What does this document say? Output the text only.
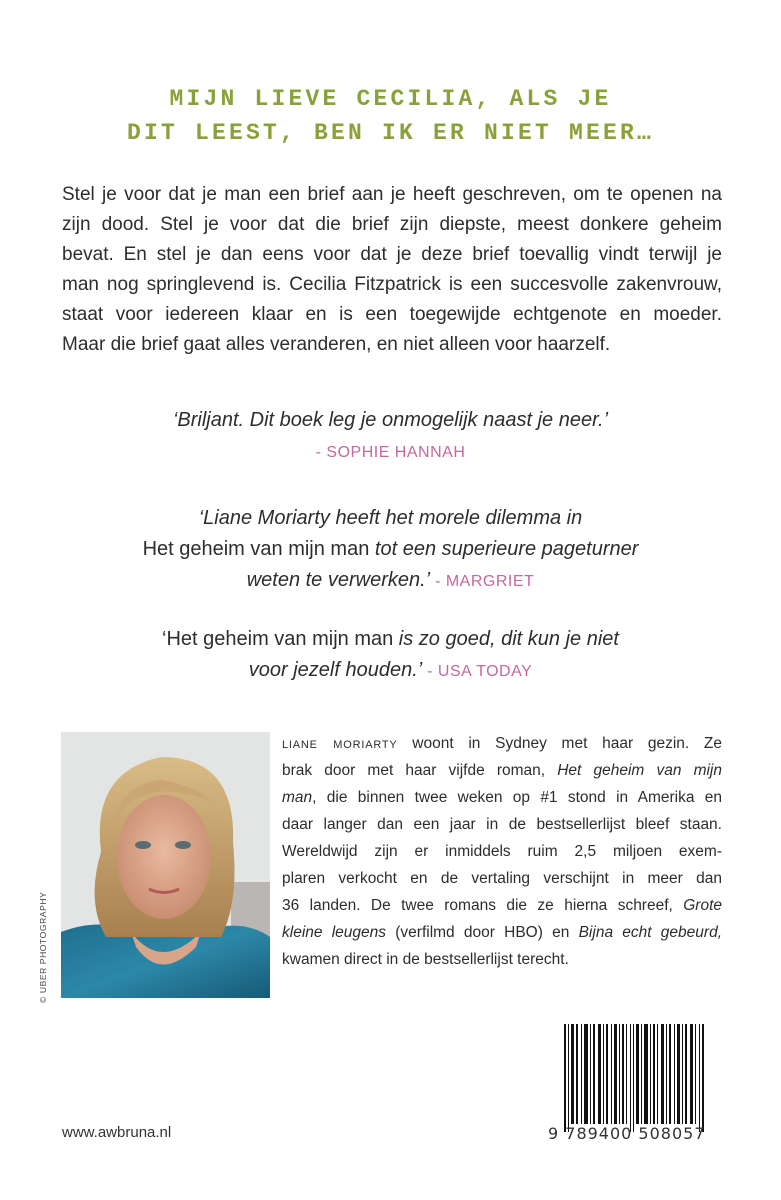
MIJN LIEVE CECILIA, ALS JE
DIT LEEST, BEN IK ER NIET MEER…
Stel je voor dat je man een brief aan je heeft geschreven, om te openen na
zijn dood. Stel je voor dat die brief zijn diepste, meest donkere geheim
bevat. En stel je dan eens voor dat je deze brief toevallig vindt terwijl je
man nog springlevend is. Cecilia Fitzpatrick is een succesvolle zakenvrouw,
staat voor iedereen klaar en is een toegewijde echtgenote en moeder.
Maar die brief gaat alles veranderen, en niet alleen voor haarzelf.
‘Briljant. Dit boek leg je onmogelijk naast je neer.’
- SOPHIE HANNAH
‘Liane Moriarty heeft het morele dilemma in
Het geheim van mijn man tot een superieure pageturner
weten te verwerken.’ - MARGRIET
‘Het geheim van mijn man is zo goed, dit kun je niet
voor jezelf houden.’ - USA TODAY
© UBER PHOTOGRAPHY
liane moriarty woont in Sydney met haar gezin. Ze
brak door met haar vijfde roman, Het geheim van mijn
man, die binnen twee weken op #1 stond in Amerika en
daar langer dan een jaar in de bestsellerlijst bleef staan.
Wereldwijd zijn er inmiddels ruim 2,5 miljoen exem-
plaren verkocht en de vertaling verschijnt in meer dan
36 landen. De twee romans die ze hierna schreef, Grote
kleine leugens (verfilmd door HBO) en Bijna echt gebeurd,
kwamen direct in de bestsellerlijst terecht.
9 789400 508057
www.awbruna.nl
